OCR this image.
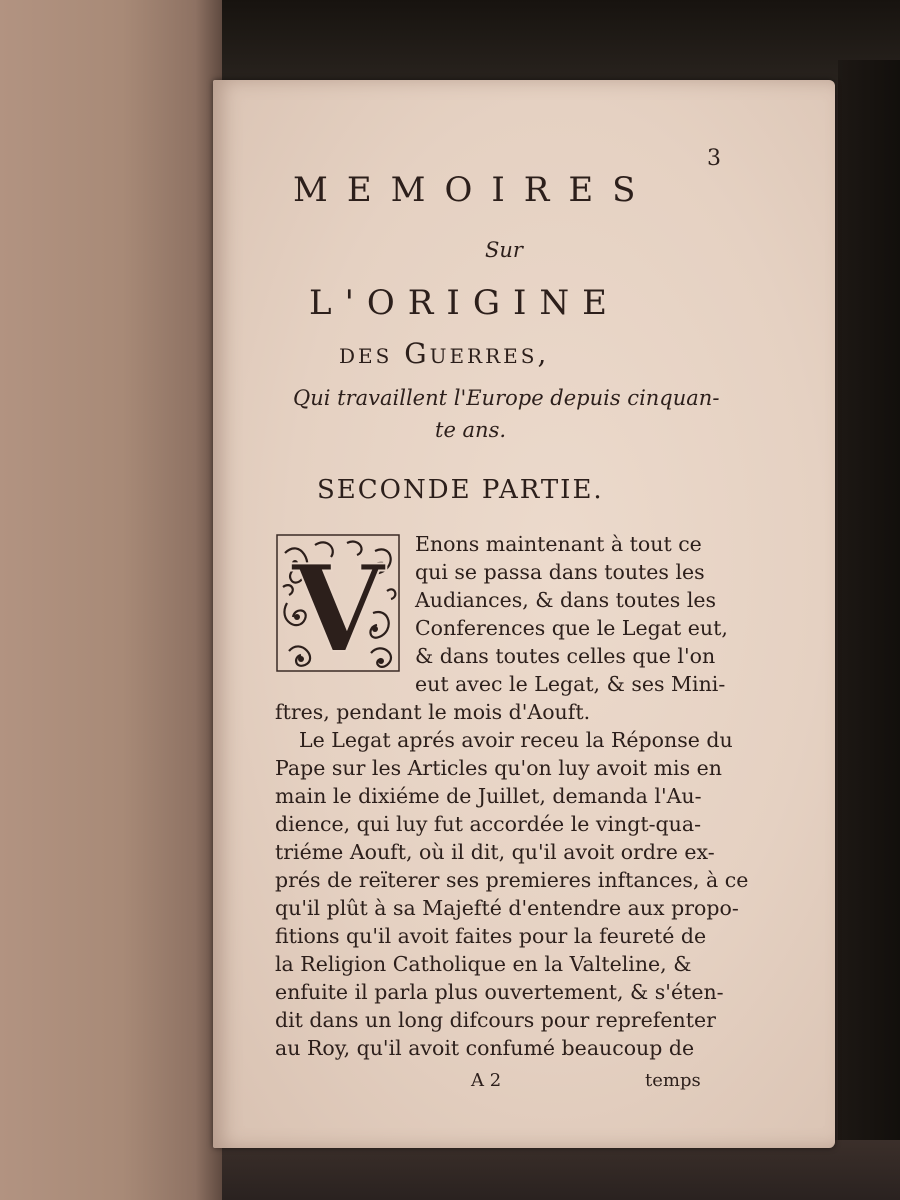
3
MEMOIRES
Sur
L'ORIGINE
des Guerres,
Qui travaillent l'Europe depuis cinquan-
te ans.
SECONDE PARTIE.
V Enons maintenant à tout ce
qui se passa dans toutes les
Audiances, & dans toutes les
Conferences que le Legat eut,
& dans toutes celles que l'on
eut avec le Legat, & ses Mini-
ftres, pendant le mois d'Aouft.
Le Legat aprés avoir receu la Réponse du
Pape sur les Articles qu'on luy avoit mis en
main le dixiéme de Juillet, demanda l'Au-
dience, qui luy fut accordée le vingt-qua-
triéme Aouft, où il dit, qu'il avoit ordre ex-
prés de reïterer ses premieres inftances, à ce
qu'il plût à sa Majefté d'entendre aux propo-
fitions qu'il avoit faites pour la feureté de
la Religion Catholique en la Valteline, &
enfuite il parla plus ouvertement, & s'éten-
dit dans un long difcours pour reprefenter
au Roy, qu'il avoit confumé beaucoup de
A 2	temps
